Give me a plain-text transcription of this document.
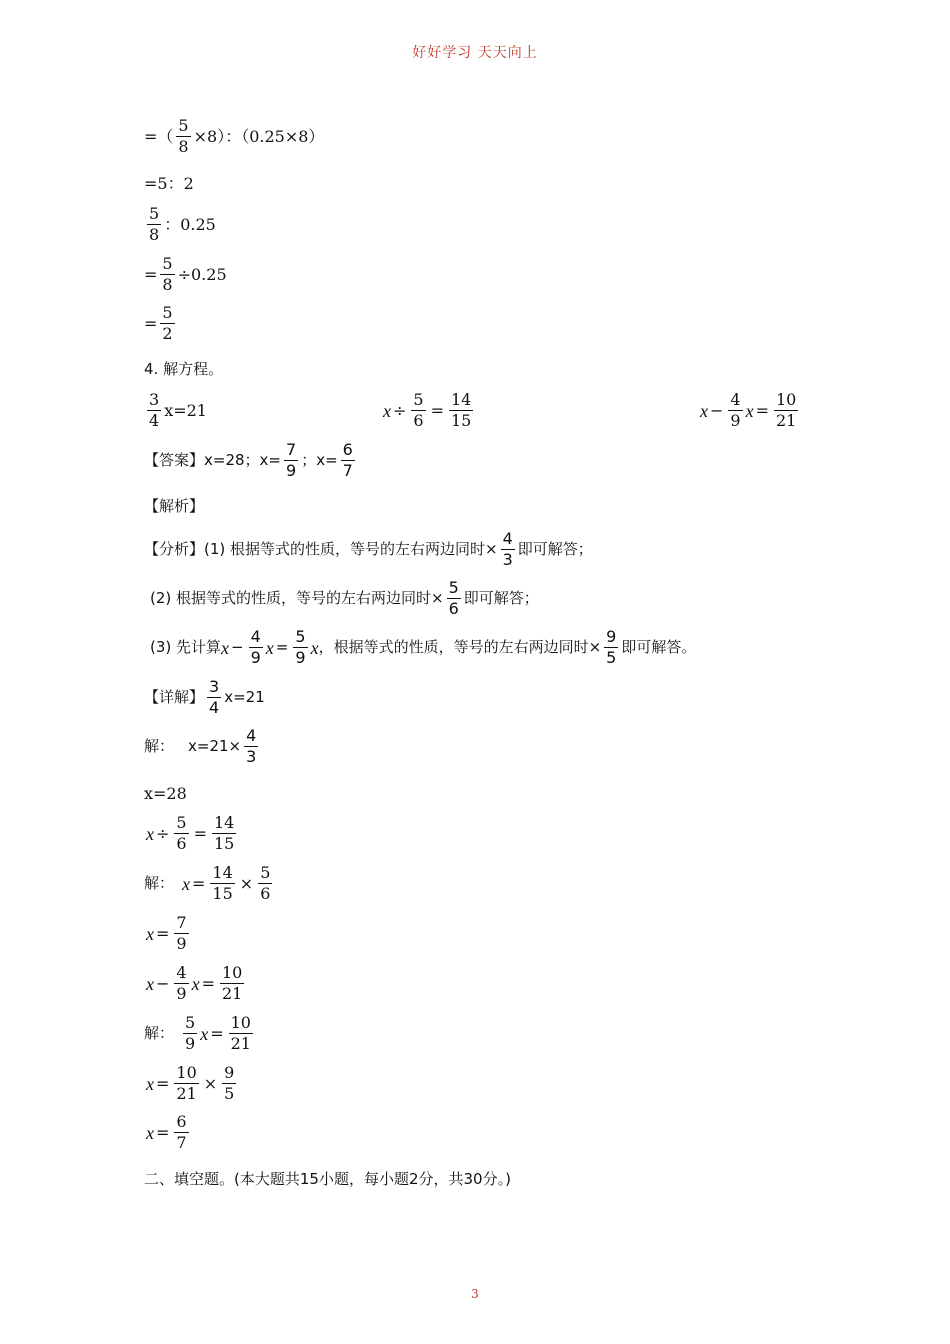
好好学习 天天向上
=（ $\frac{5}{8} \times 8$）：（0.25×8）
=5：2
$\frac{5}{8}$ ：0.25
= $\frac{5}{8} \div 0.25$
= $\frac{5}{2}$
4. 解方程。
$\frac{3}{4} x=21$	$x \div \frac{5}{6} = \frac{14}{15}$	$x - \frac{4}{9}$ $x = \frac{10}{21}$
【答案】 x=28；$x= \frac{7}{9}$ ；$x= \frac{6}{7}$
【解析】
【分析】(1) 根据等式的性质，等号的左右两边同时× $\frac{4}{3}$ 即可解答；
(2) 根据等式的性质，等号的左右两边同时× $\frac{5}{6}$ 即可解答；
(3) 先计算 $x - \frac{4}{9}$ $x = \frac{5}{9}$ x ，根据等式的性质，等号的左右两边同时× $\frac{9}{5}$ 即可解答。
【详解】 $\frac{3}{4} x=21$
解： $x=21\times \frac{4}{3}$
x=28
$x \div \frac{5}{6} = \frac{14}{15}$
解： $x = \frac{14}{15} \times \frac{5}{6}$
$x = \frac{7}{9}$
$x - \frac{4}{9}$ $x = \frac{10}{21}$
解： $\frac{5}{9}$ $x = \frac{10}{21}$
$x = \frac{10}{21} \times \frac{9}{5}$
$x = \frac{6}{7}$
二、填空题。(本大题共15小题，每小题2分，共30分。)
3
